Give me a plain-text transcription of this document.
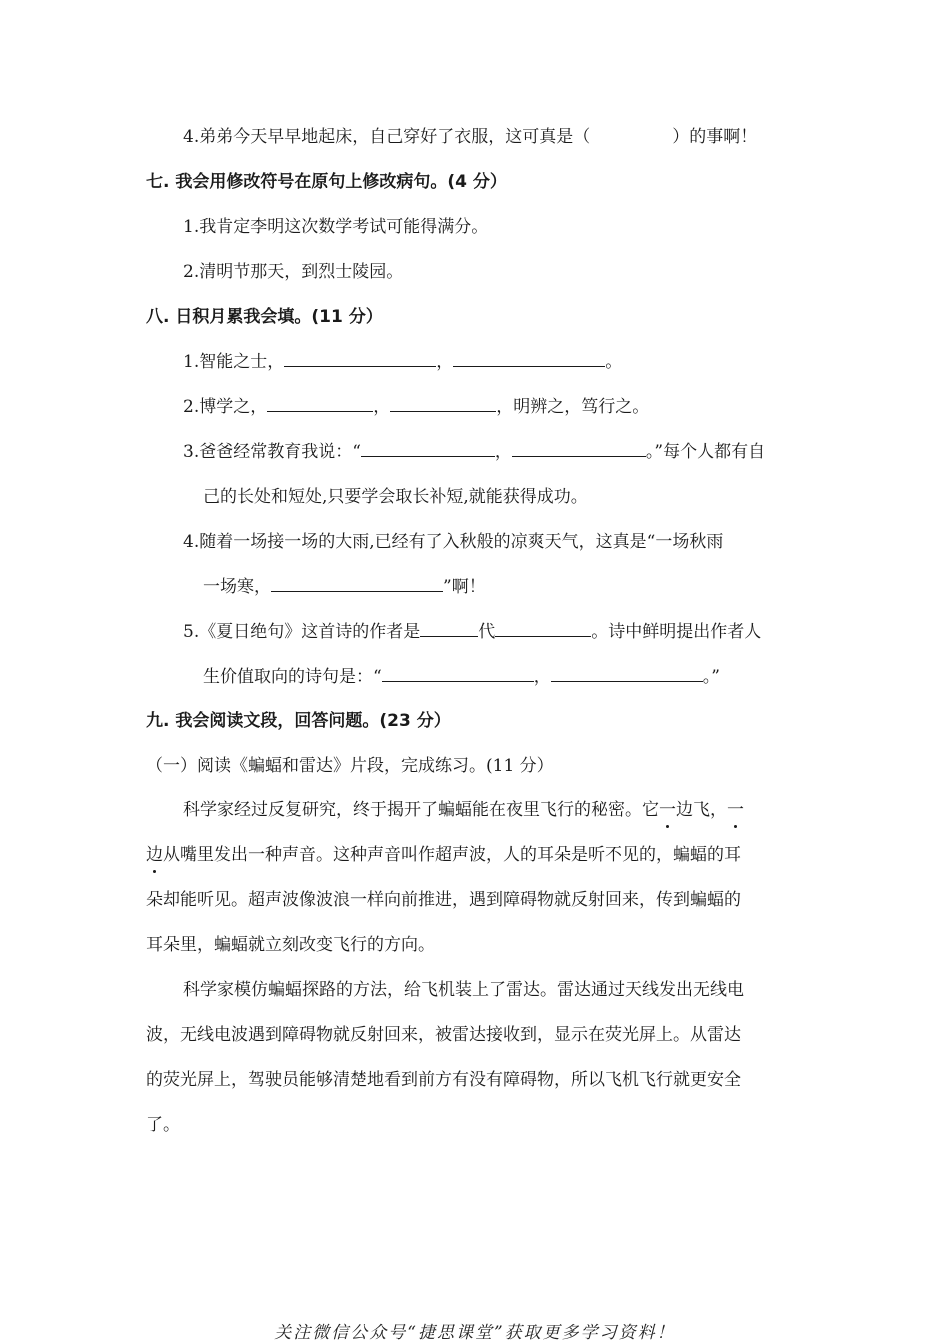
4.弟弟今天早早地起床，自己穿好了衣服，这可真是（	）的事啊！
七. 我会用修改符号在原句上修改病句。(4 分）
1.我肯定李明这次数学考试可能得满分。
2.清明节那天，到烈士陵园。
八. 日积月累我会填。(11 分）
1.智能之士，	，	。
2.博学之，	，	，明辨之，笃行之。
3.爸爸经常教育我说：“	，	。”每个人都有自
己的长处和短处,只要学会取长补短,就能获得成功。
4.随着一场接一场的大雨,已经有了入秋般的凉爽天气，这真是“一场秋雨
一场寒，	”啊！
5.《夏日绝句》这首诗的作者是	代	。诗中鲜明提出作者人
生价值取向的诗句是：“	，	。”
九. 我会阅读文段，回答问题。(23 分）
（一）阅读《蝙蝠和雷达》片段，完成练习。(11 分）
科学家经过反复研究，终于揭开了蝙蝠能在夜里飞行的秘密。它一边飞，一
边从嘴里发出一种声音。这种声音叫作超声波，人的耳朵是听不见的，蝙蝠的耳
朵却能听见。超声波像波浪一样向前推进，遇到障碍物就反射回来，传到蝙蝠的
耳朵里，蝙蝠就立刻改变飞行的方向。
科学家模仿蝙蝠探路的方法，给飞机装上了雷达。雷达通过天线发出无线电
波，无线电波遇到障碍物就反射回来，被雷达接收到，显示在荧光屏上。从雷达
的荧光屏上，驾驶员能够清楚地看到前方有没有障碍物，所以飞机飞行就更安全
了。
关注微信公众号“捷思课堂”获取更多学习资料！
